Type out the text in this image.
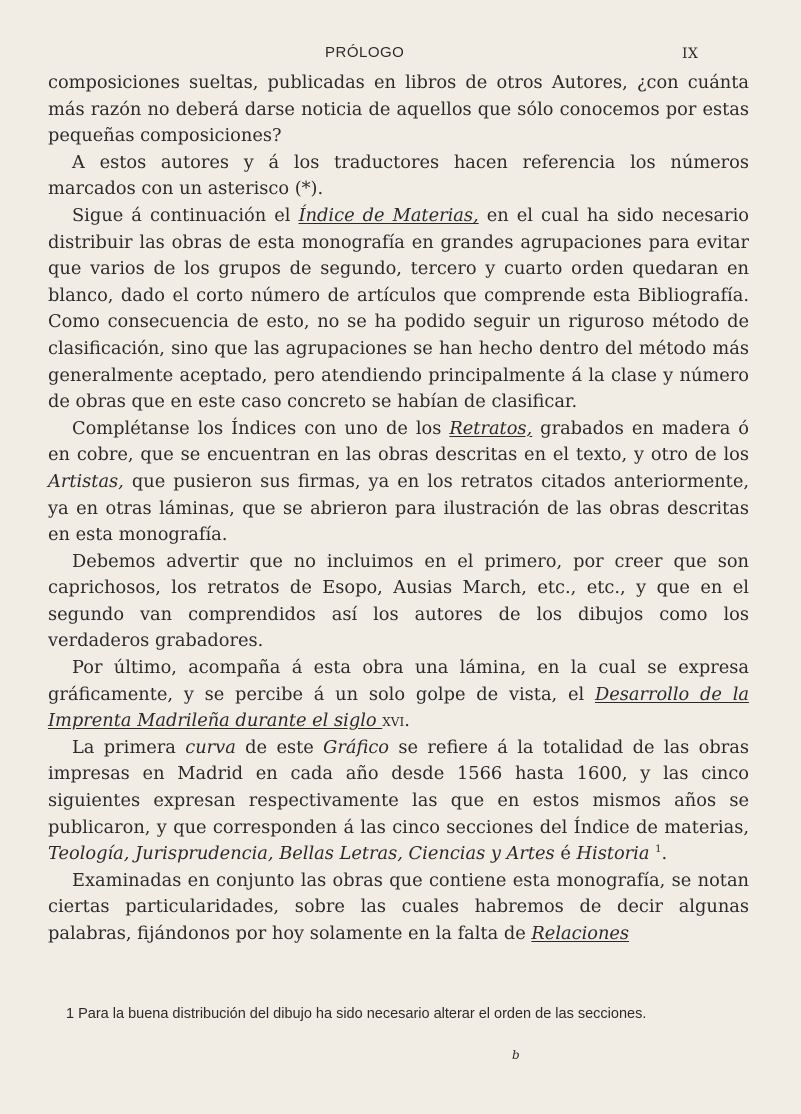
PRÓLOGO	IX

composiciones sueltas, publicadas en libros de otros Autores, ¿con cuánta más razón no deberá darse noticia de aquellos que sólo conocemos por estas pequeñas composiciones?

A estos autores y á los traductores hacen referencia los números marcados con un asterisco (*).

Sigue á continuación el Índice de Materias, en el cual ha sido necesario distribuir las obras de esta monografía en grandes agrupaciones para evitar que varios de los grupos de segundo, tercero y cuarto orden quedaran en blanco, dado el corto número de artículos que comprende esta Bibliografía. Como consecuencia de esto, no se ha podido seguir un riguroso método de clasificación, sino que las agrupaciones se han hecho dentro del método más generalmente aceptado, pero atendiendo principalmente á la clase y número de obras que en este caso concreto se habían de clasificar.

Complétanse los Índices con uno de los Retratos, grabados en madera ó en cobre, que se encuentran en las obras descritas en el texto, y otro de los Artistas, que pusieron sus firmas, ya en los retratos citados anteriormente, ya en otras láminas, que se abrieron para ilustración de las obras descritas en esta monografía.

Debemos advertir que no incluimos en el primero, por creer que son caprichosos, los retratos de Esopo, Ausias March, etc., etc., y que en el segundo van comprendidos así los autores de los dibujos como los verdaderos grabadores.

Por último, acompaña á esta obra una lámina, en la cual se expresa gráficamente, y se percibe á un solo golpe de vista, el Desarrollo de la Imprenta Madrileña durante el siglo xvi.

La primera curva de este Gráfico se refiere á la totalidad de las obras impresas en Madrid en cada año desde 1566 hasta 1600, y las cinco siguientes expresan respectivamente las que en estos mismos años se publicaron, y que corresponden á las cinco secciones del Índice de materias, Teología, Jurisprudencia, Bellas Letras, Ciencias y Artes é Historia $^1$.

Examinadas en conjunto las obras que contiene esta monografía, se notan ciertas particularidades, sobre las cuales habremos de decir algunas palabras, fijándonos por hoy solamente en la falta de Relaciones

1 Para la buena distribución del dibujo ha sido necesario alterar el orden de las secciones.
b
